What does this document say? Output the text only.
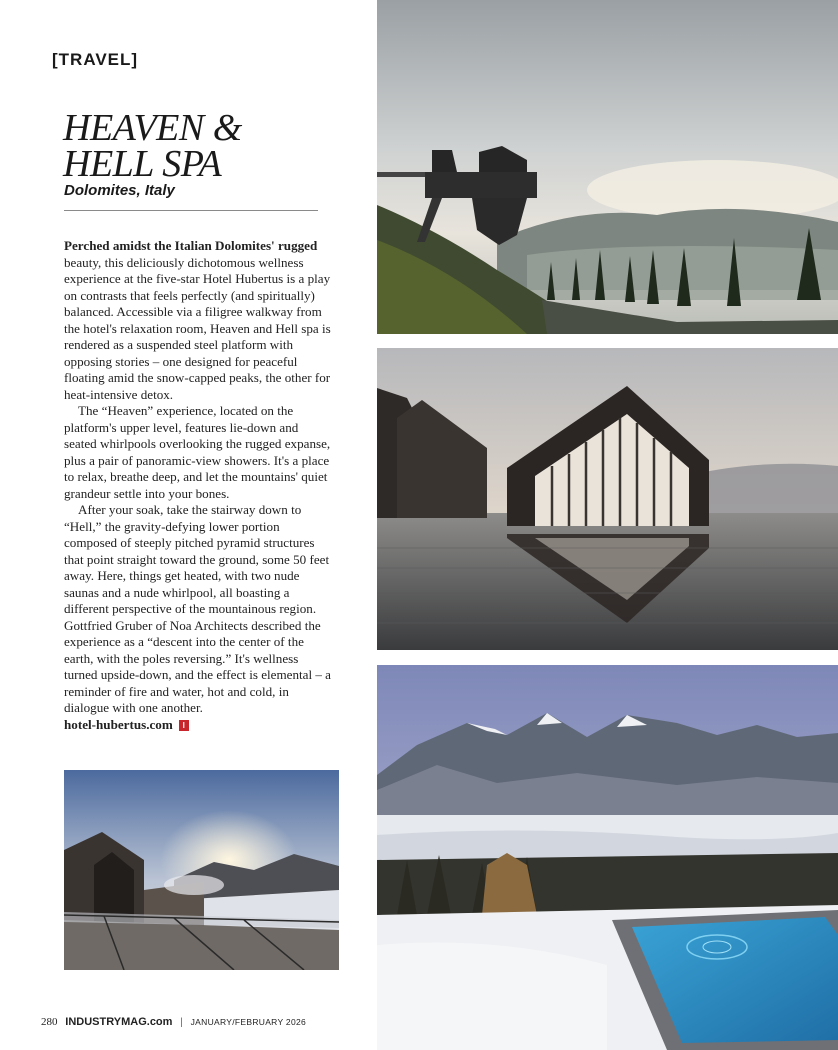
[TRAVEL]
HEAVEN &
HELL SPA
Dolomites, Italy

Perched amidst the Italian Dolomites' rugged beauty, this deliciously dichotomous wellness experience at the five-star Hotel Hubertus is a play on contrasts that feels perfectly (and spiritually) balanced. Accessible via a filigree walkway from the hotel's relaxation room, Heaven and Hell spa is rendered as a suspended steel platform with opposing stories – one designed for peaceful floating amid the snow-capped peaks, the other for heat-intensive detox.

The “Heaven” experience, located on the platform's upper level, features lie-down and seated whirlpools overlooking the rugged expanse, plus a pair of panoramic-view showers. It's a place to relax, breathe deep, and let the mountains' quiet grandeur settle into your bones.

After your soak, take the stairway down to “Hell,” the gravity-defying lower portion composed of steeply pitched pyramid structures that point straight toward the ground, some 50 feet away. Here, things get heated, with two nude saunas and a nude whirlpool, all boasting a different perspective of the mountainous region. Gottfried Gruber of Noa Architects described the experience as a “descent into the center of the earth, with the poles reversing.” It's wellness turned upside-down, and the effect is elemental – a reminder of fire and water, hot and cold, in dialogue with one another.

hotel-hubertus.com I

280 INDUSTRYMAG.com | JANUARY/FEBRUARY 2026
